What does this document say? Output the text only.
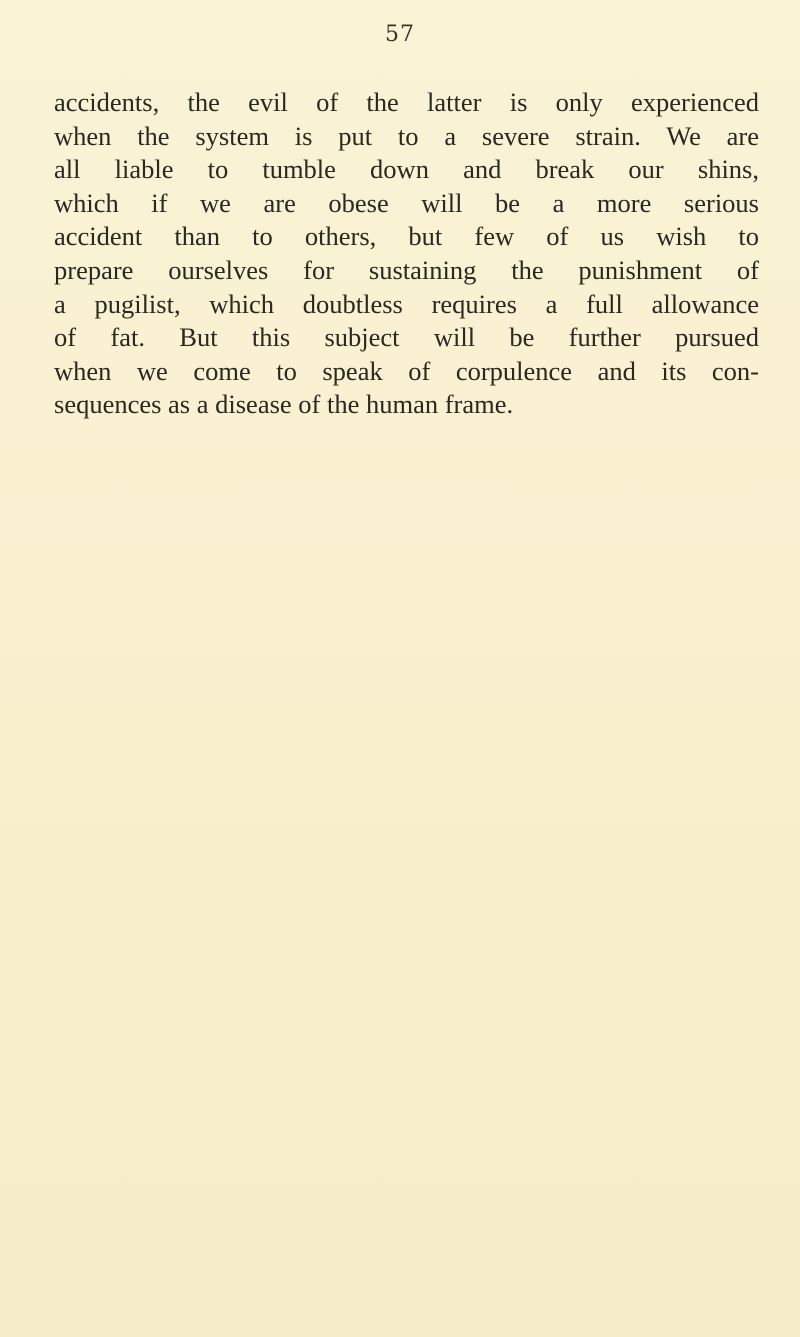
57
accidents, the evil of the latter is only experienced
when the system is put to a severe strain. We are
all liable to tumble down and break our shins,
which if we are obese will be a more serious
accident than to others, but few of us wish to
prepare ourselves for sustaining the punishment of
a pugilist, which doubtless requires a full allowance
of fat. But this subject will be further pursued
when we come to speak of corpulence and its con-
sequences as a disease of the human frame.
